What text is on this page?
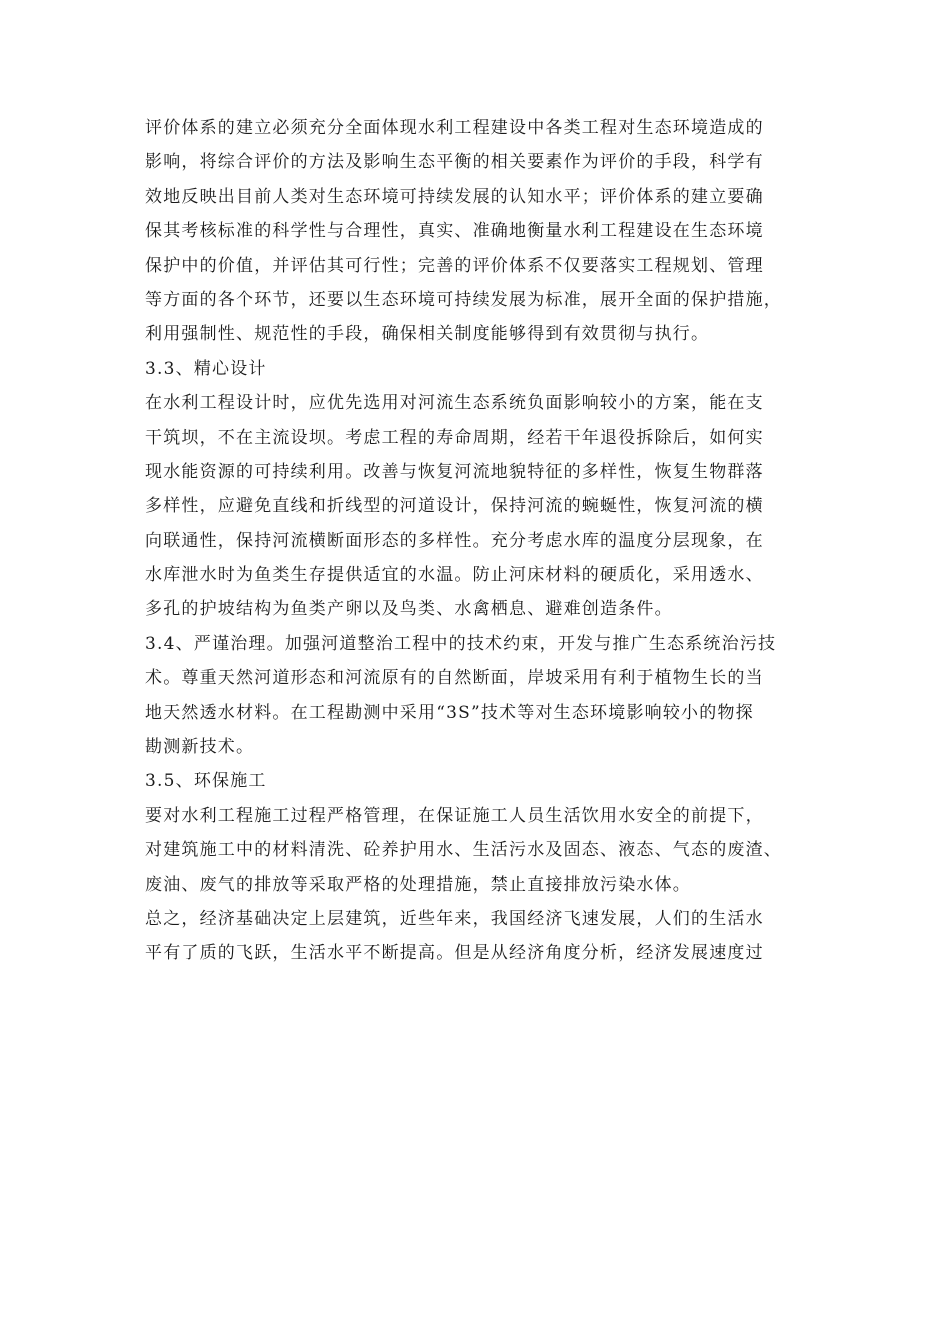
评价体系的建立必须充分全面体现水利工程建设中各类工程对生态环境造成的
影响，将综合评价的方法及影响生态平衡的相关要素作为评价的手段，科学有
效地反映出目前人类对生态环境可持续发展的认知水平；评价体系的建立要确
保其考核标准的科学性与合理性，真实、准确地衡量水利工程建设在生态环境
保护中的价值，并评估其可行性；完善的评价体系不仅要落实工程规划、管理
等方面的各个环节，还要以生态环境可持续发展为标准，展开全面的保护措施，
利用强制性、规范性的手段，确保相关制度能够得到有效贯彻与执行。
3.3、精心设计
在水利工程设计时，应优先选用对河流生态系统负面影响较小的方案，能在支
干筑坝，不在主流设坝。考虑工程的寿命周期，经若干年退役拆除后，如何实
现水能资源的可持续利用。改善与恢复河流地貌特征的多样性，恢复生物群落
多样性，应避免直线和折线型的河道设计，保持河流的蜿蜒性，恢复河流的横
向联通性，保持河流横断面形态的多样性。充分考虑水库的温度分层现象，在
水库泄水时为鱼类生存提供适宜的水温。防止河床材料的硬质化，采用透水、
多孔的护坡结构为鱼类产卵以及鸟类、水禽栖息、避难创造条件。
3.4、严谨治理。加强河道整治工程中的技术约束，开发与推广生态系统治污技
术。尊重天然河道形态和河流原有的自然断面，岸坡采用有利于植物生长的当
地天然透水材料。在工程勘测中采用“3S”技术等对生态环境影响较小的物探
勘测新技术。
3.5、环保施工
要对水利工程施工过程严格管理，在保证施工人员生活饮用水安全的前提下，
对建筑施工中的材料清洗、砼养护用水、生活污水及固态、液态、气态的废渣、
废油、废气的排放等采取严格的处理措施，禁止直接排放污染水体。
总之，经济基础决定上层建筑，近些年来，我国经济飞速发展，人们的生活水
平有了质的飞跃，生活水平不断提高。但是从经济角度分析，经济发展速度过
